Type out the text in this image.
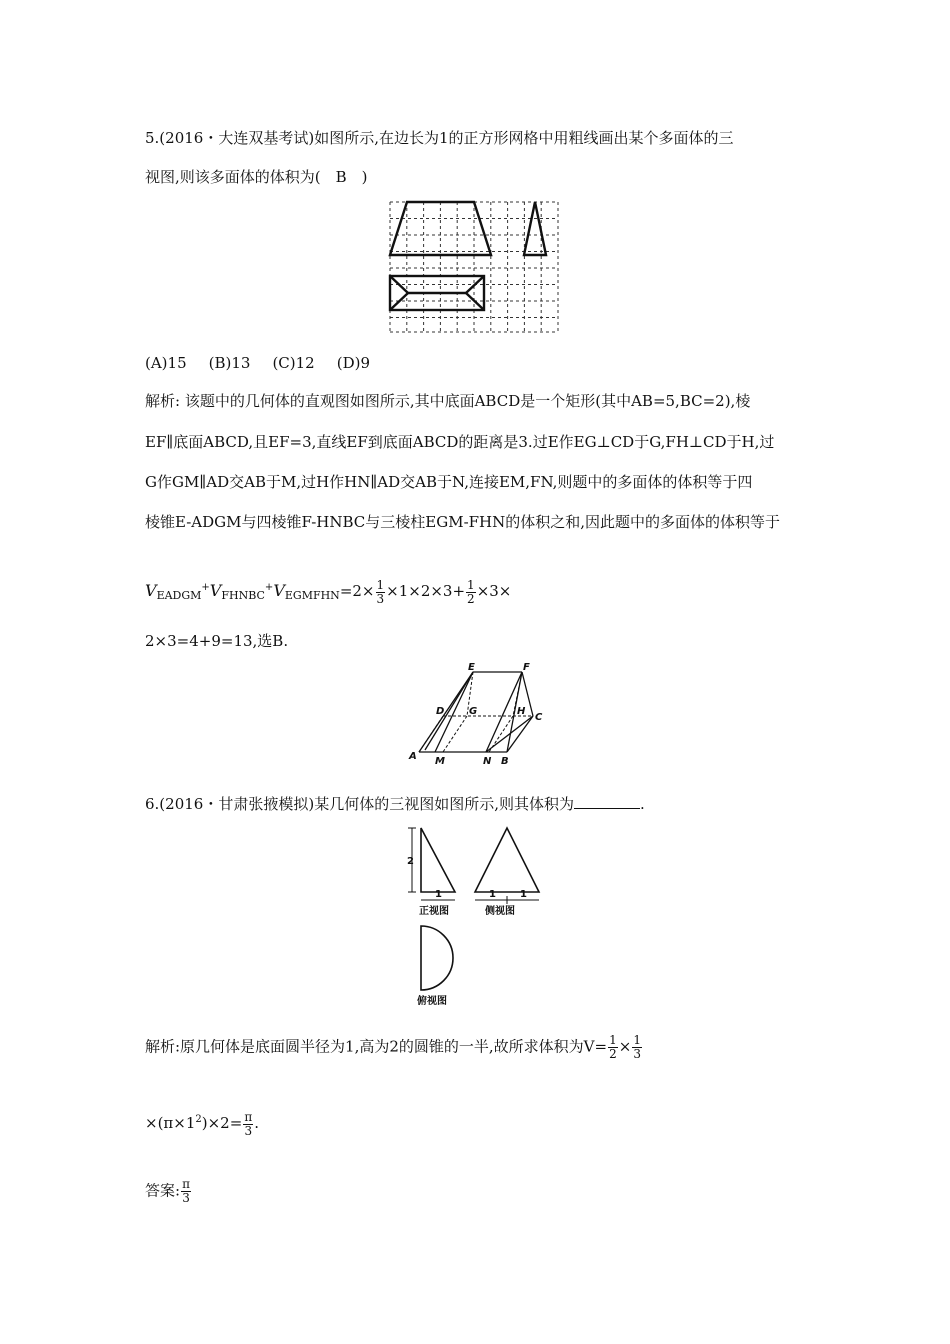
5.(2016・大连双基考试)如图所示,在边长为1的正方形网格中用粗线画出某个多面体的三
视图,则该多面体的体积为(　B　)
(A)15 (B)13 (C)12 (D)9
解析: 该题中的几何体的直观图如图所示,其中底面ABCD是一个矩形(其中AB=5,BC=2),棱
EF∥底面ABCD,且EF=3,直线EF到底面ABCD的距离是3.过E作EG⊥CD于G,FH⊥CD于H,过
G作GM∥AD交AB于M,过H作HN∥AD交AB于N,连接EM,FN,则题中的多面体的体积等于四
棱锥E-ADGM与四棱锥F-HNBC与三棱柱EGM-FHN的体积之和,因此题中的多面体的体积等于
$V_{EADGM}^+V_{FHNBC}^+V_{EGMFHN}=2\times \frac{1}{3} \times 1\times 2\times 3+ \frac{1}{2} \times 3\times$
2×3=4+9=13,选B.
E	F
D G	H
C
A M	N B
6.(2016・甘肃张掖模拟)某几何体的三视图如图所示,则其体积为	.
2
1	1 1
正视图	侧视图
俯视图
解析:原几何体是底面圆半径为1,高为2的圆锥的一半,故所求体积为$V= \frac{1}{2} \times \frac{1}{3}$
$\times(\pi\times 1^2)\times 2= \frac{\pi}{3}$ .
答案: $\frac{\pi}{3}$
